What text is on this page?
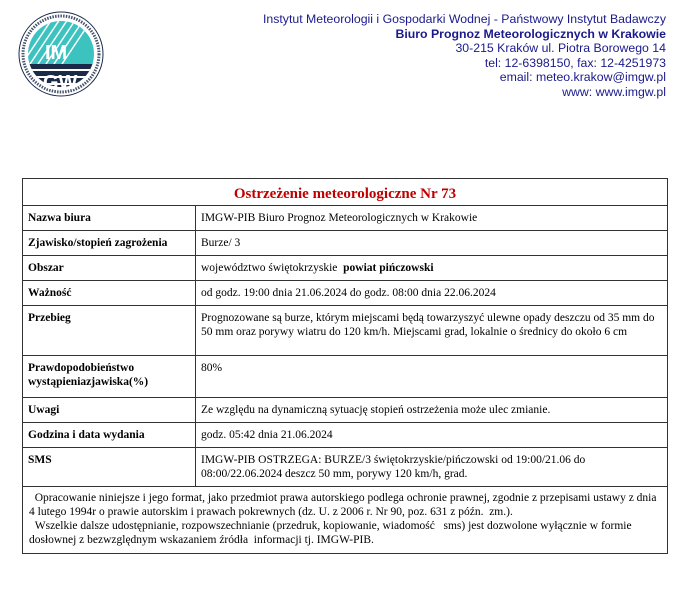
IM
GW
Instytut Meteorologii i Gospodarki Wodnej - Państwowy Instytut Badawczy
Biuro Prognoz Meteorologicznych w Krakowie
30-215 Kraków ul. Piotra Borowego 14
tel: 12-6398150, fax: 12-4251973
email: meteo.krakow@imgw.pl
www: www.imgw.pl
Ostrzeżenie meteorologiczne Nr 73	
Nazwa biura	IMGW-PIB Biuro Prognoz Meteorologicznych w Krakowie
Zjawisko/stopień zagrożenia	Burze/ 3
Obszar	województwo świętokrzyskie powiat pińczowski
Ważność	od godz. 19:00 dnia 21.06.2024 do godz. 08:00 dnia 22.06.2024
Przebieg	Prognozowane są burze, którym miejscami będą towarzyszyć ulewne opady deszczu od 35 mm do 50 mm oraz porywy wiatru do 120 km/h. Miejscami grad, lokalnie o średnicy do około 6 cm
Prawdopodobieństwo wystąpieniazjawiska(%)	80%
Uwagi	Ze względu na dynamiczną sytuację stopień ostrzeżenia może ulec zmianie.
Godzina i data wydania	godz. 05:42 dnia 21.06.2024
SMS	IMGW-PIB OSTRZEGA: BURZE/3 świętokrzyskie/pińczowski od 19:00/21.06 do 08:00/22.06.2024 deszcz 50 mm, porywy 120 km/h, grad.

Opracowanie niniejsze i jego format, jako przedmiot prawa autorskiego podlega ochronie prawnej, zgodnie z przepisami ustawy z dnia 4 lutego 1994r o prawie autorskim i prawach pokrewnych (dz. U. z 2006 r. Nr 90, poz. 631 z późn.  zm.).
Wszelkie dalsze udostępnianie, rozpowszechnianie (przedruk, kopiowanie, wiadomość   sms) jest dozwolone wyłącznie w formie dosłownej z bezwzględnym wskazaniem źródła  informacji tj. IMGW-PIB.	
